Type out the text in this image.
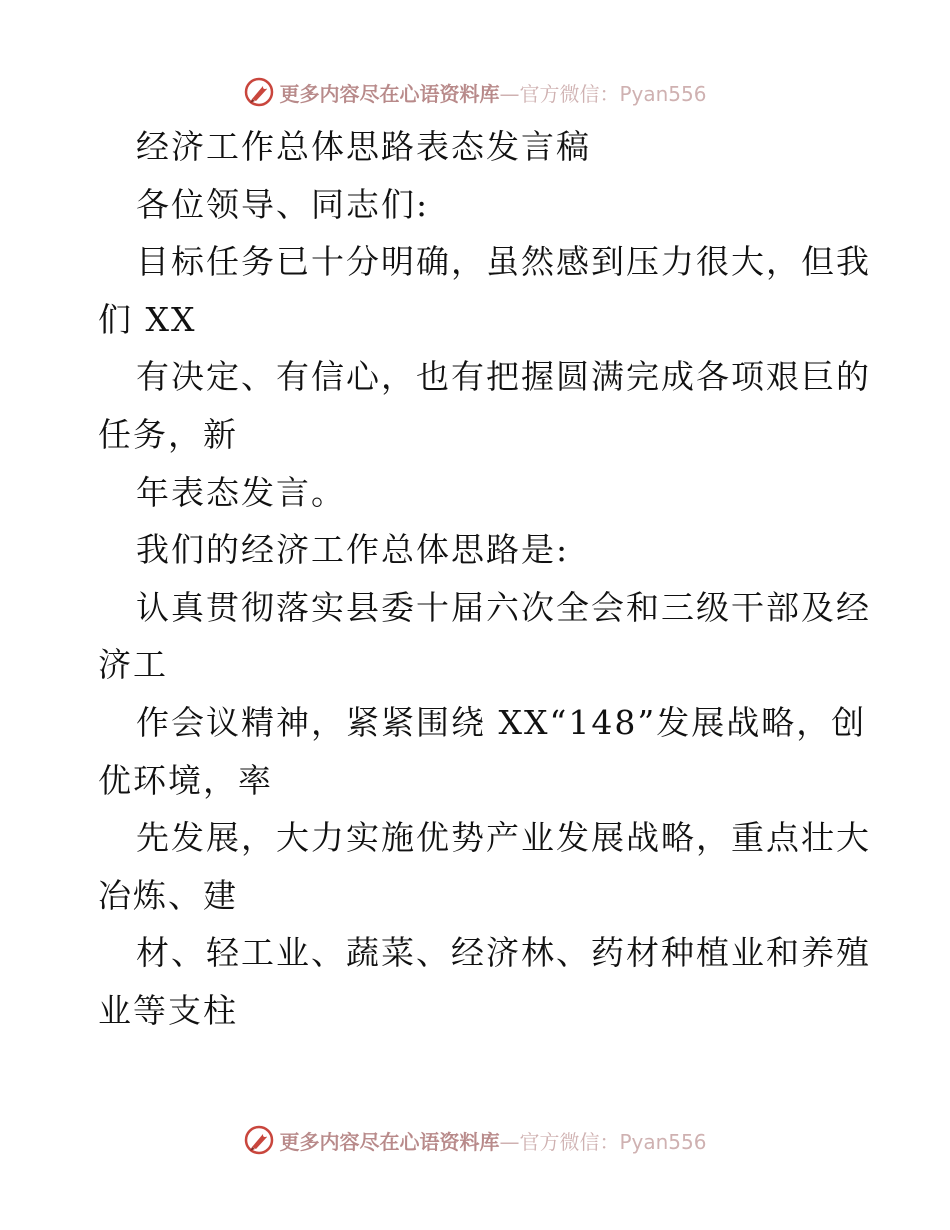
更多内容尽在心语资料库—官方微信：Pyan556
经济工作总体思路表态发言稿
各位领导、同志们:
目标任务已十分明确，虽然感到压力很大，但我
们 XX
有决定、有信心，也有把握圆满完成各项艰巨的
任务，新
年表态发言。
我们的经济工作总体思路是:
认真贯彻落实县委十届六次全会和三级干部及经
济工
作会议精神，紧紧围绕 XX“148”发展战略，创
优环境，率
先发展，大力实施优势产业发展战略，重点壮大
冶炼、建
材、轻工业、蔬菜、经济林、药材种植业和养殖
业等支柱
更多内容尽在心语资料库—官方微信：Pyan556
